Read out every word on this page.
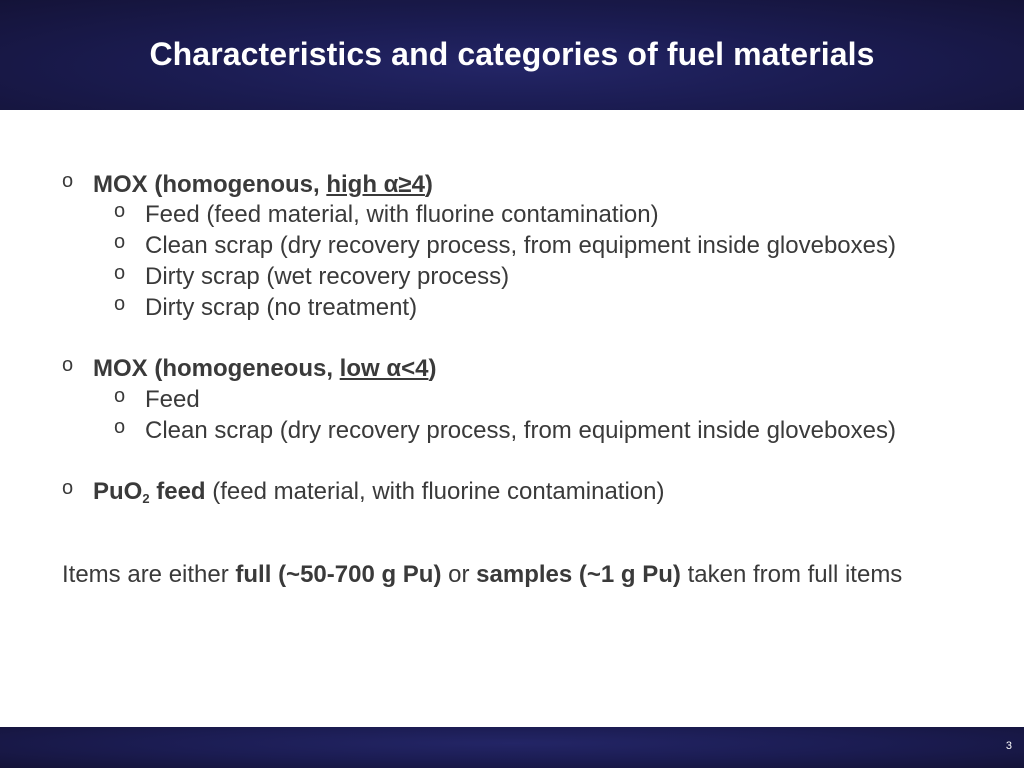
Characteristics and categories of fuel materials
o MOX (homogenous, high α≥4)
o Feed (feed material, with fluorine contamination)
o Clean scrap (dry recovery process, from equipment inside gloveboxes)
o Dirty scrap (wet recovery process)
o Dirty scrap (no treatment)
o MOX (homogeneous, low α<4)
o Feed
o Clean scrap (dry recovery process, from equipment inside gloveboxes)
o PuO$_2$ feed (feed material, with fluorine contamination)
Items are either full (~50-700 g Pu) or samples (~1 g Pu) taken from full items
3
